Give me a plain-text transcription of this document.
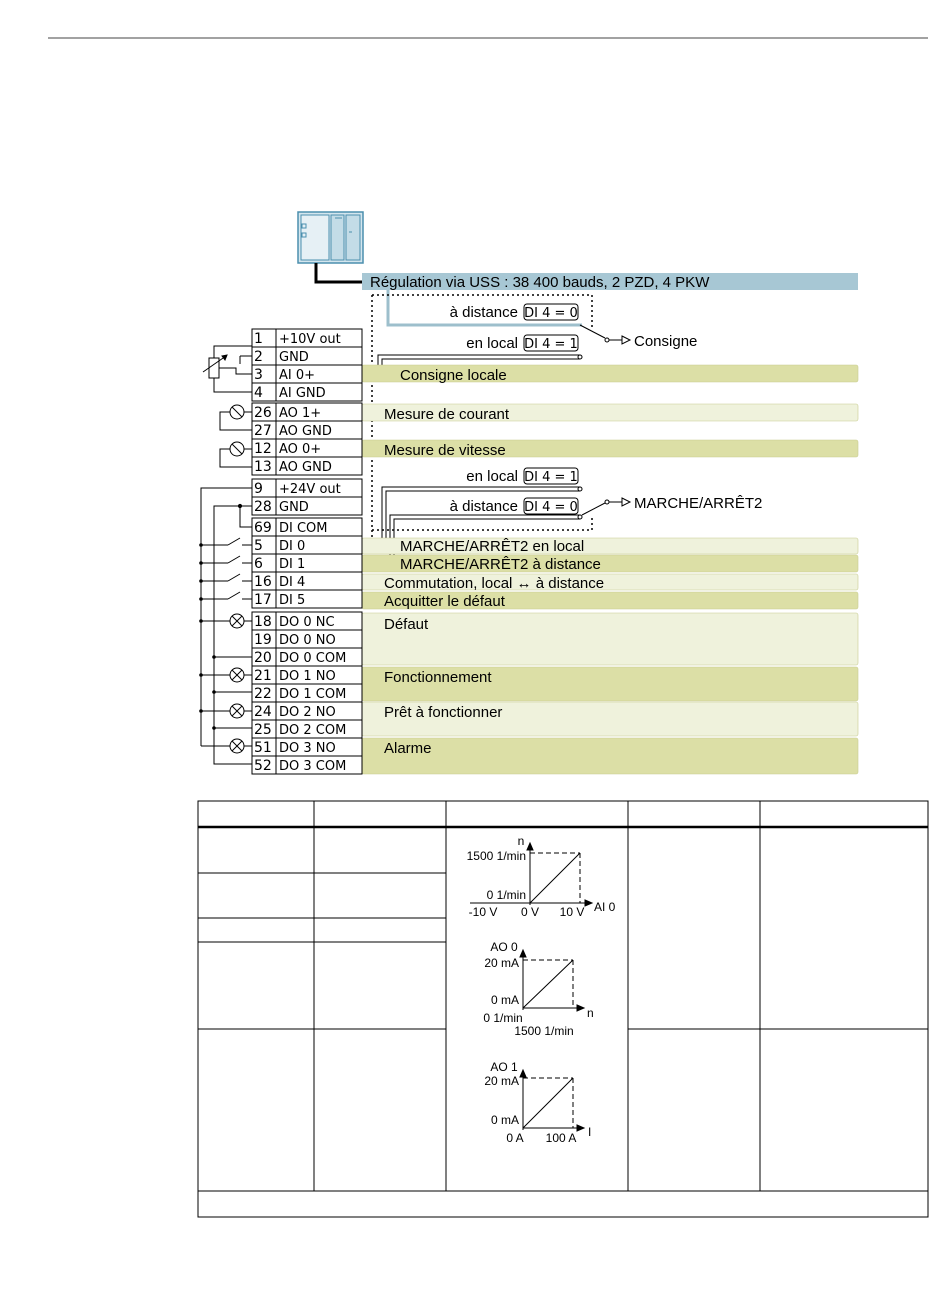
Régulation via USS : 38 400 bauds, 2 PZD, 4 PKW
à distance DI 4 = 0
en local DI 4 = 1	Consigne
en local DI 4 = 1
à distance DI 4 = 0	MARCHE/ARRÊT2
Consigne locale
Mesure de courant
Mesure de vitesse
MARCHE/ARRÊT2 en local
MARCHE/ARRÊT2 à distance
Commutation, local ↔ à distance
Acquitter le défaut
Défaut
Fonctionnement
Prêt à fonctionner
Alarme
1 +10V out
2 GND
3 AI 0+
4 AI GND
26 AO 1+
27 AO GND
12 AO 0+
13 AO GND
9 +24V out
28 GND
69 DI COM
5 DI 0
6 DI 1
16 DI 4
17 DI 5
18 DO 0 NC
19 DO 0 NO
20 DO 0 COM
21 DO 1 NO
22 DO 1 COM
24 DO 2 NO
25 DO 2 COM
51 DO 3 NO
52 DO 3 COM
n
1500 1/min
0 1/min
-10 V 0 V 10 V AI 0
AO 0
20 mA
0 mA
0 1/min
1500 1/min
n
AO 1
20 mA
0 mA
0 A 100 A I
